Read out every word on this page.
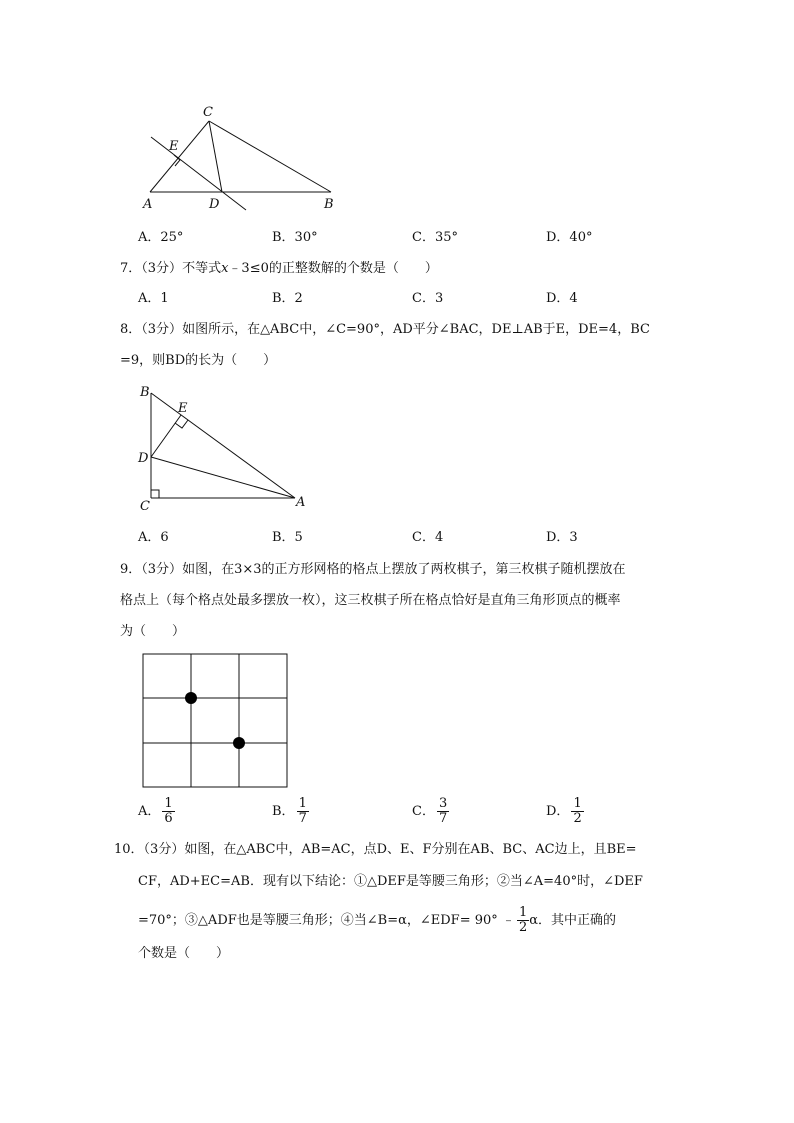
C
E
A	D	B
A．25°	B．30°	C．35°	D．40°
7．（3分）不等式x﹣3≤0的正整数解的个数是（　　）
A．1	B．2	C．3	D．4
8．（3分）如图所示，在△ABC中，∠C=90°，AD平分∠BAC，DE⊥AB于E，DE=4，BC
=9，则BD的长为（　　）
B
E
D
C	A
A．6	B．5	C．4	D．3
9．（3分）如图，在3×3的正方形网格的格点上摆放了两枚棋子，第三枚棋子随机摆放在
格点上（每个格点处最多摆放一枚），这三枚棋子所在格点恰好是直角三角形顶点的概率
为（　　）
A． $\frac{1}{6}$	B． $\frac{1}{7}$	C． $\frac{3}{7}$	D． $\frac{1}{2}$
10．（3分）如图，在△ABC中，AB=AC，点D、E、F分别在AB、BC、AC边上，且BE=
CF，AD+EC=AB．现有以下结论：①△DEF是等腰三角形；②当∠A=40°时，∠DEF
=70°；③△ADF也是等腰三角形；④当∠B=α，∠EDF= 90° ﹣ $\frac{1}{2}$ α．其中正确的
个数是（　　）
